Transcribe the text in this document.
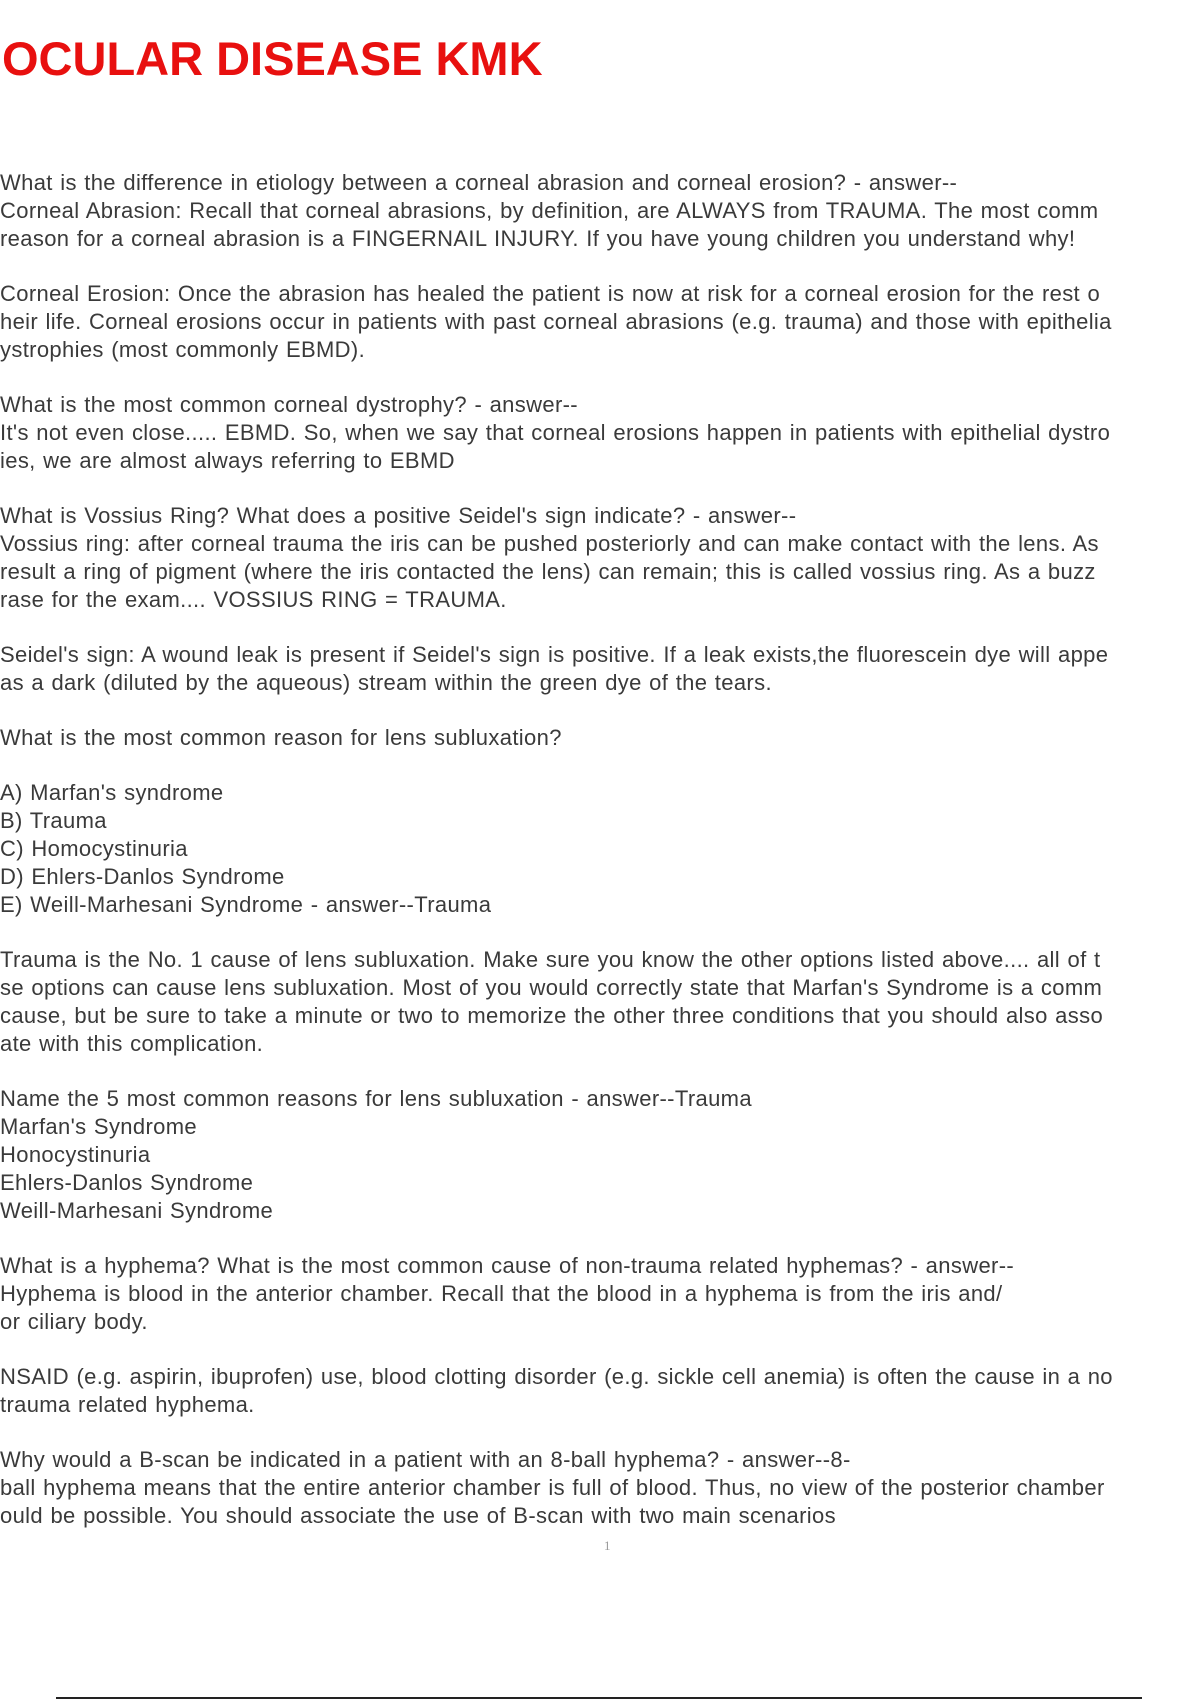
OCULAR DISEASE KMK
What is the difference in etiology between a corneal abrasion and corneal erosion? - answer--
Corneal Abrasion: Recall that corneal abrasions, by definition, are ALWAYS from TRAUMA. The most comm
reason for a corneal abrasion is a FINGERNAIL INJURY. If you have young children you understand why!
Corneal Erosion: Once the abrasion has healed the patient is now at risk for a corneal erosion for the rest o
heir life. Corneal erosions occur in patients with past corneal abrasions (e.g. trauma) and those with epithelia
ystrophies (most commonly EBMD).
What is the most common corneal dystrophy? - answer--
It's not even close..... EBMD. So, when we say that corneal erosions happen in patients with epithelial dystro
ies, we are almost always referring to EBMD
What is Vossius Ring? What does a positive Seidel's sign indicate? - answer--
Vossius ring: after corneal trauma the iris can be pushed posteriorly and can make contact with the lens. As
result a ring of pigment (where the iris contacted the lens) can remain; this is called vossius ring. As a buzz
rase for the exam.... VOSSIUS RING = TRAUMA.
Seidel's sign: A wound leak is present if Seidel's sign is positive. If a leak exists,the fluorescein dye will appe
as a dark (diluted by the aqueous) stream within the green dye of the tears.
What is the most common reason for lens subluxation?
A) Marfan's syndrome
B) Trauma
C) Homocystinuria
D) Ehlers-Danlos Syndrome
E) Weill-Marhesani Syndrome - answer--Trauma
Trauma is the No. 1 cause of lens subluxation. Make sure you know the other options listed above.... all of t
se options can cause lens subluxation. Most of you would correctly state that Marfan's Syndrome is a comm
cause, but be sure to take a minute or two to memorize the other three conditions that you should also asso
ate with this complication.
Name the 5 most common reasons for lens subluxation - answer--Trauma
Marfan's Syndrome
Honocystinuria
Ehlers-Danlos Syndrome
Weill-Marhesani Syndrome
What is a hyphema? What is the most common cause of non-trauma related hyphemas? - answer--
Hyphema is blood in the anterior chamber. Recall that the blood in a hyphema is from the iris and/
or ciliary body.
NSAID (e.g. aspirin, ibuprofen) use, blood clotting disorder (e.g. sickle cell anemia) is often the cause in a no
trauma related hyphema.
Why would a B-scan be indicated in a patient with an 8-ball hyphema? - answer--8-
ball hyphema means that the entire anterior chamber is full of blood. Thus, no view of the posterior chamber
ould be possible. You should associate the use of B-scan with two main scenarios
1
